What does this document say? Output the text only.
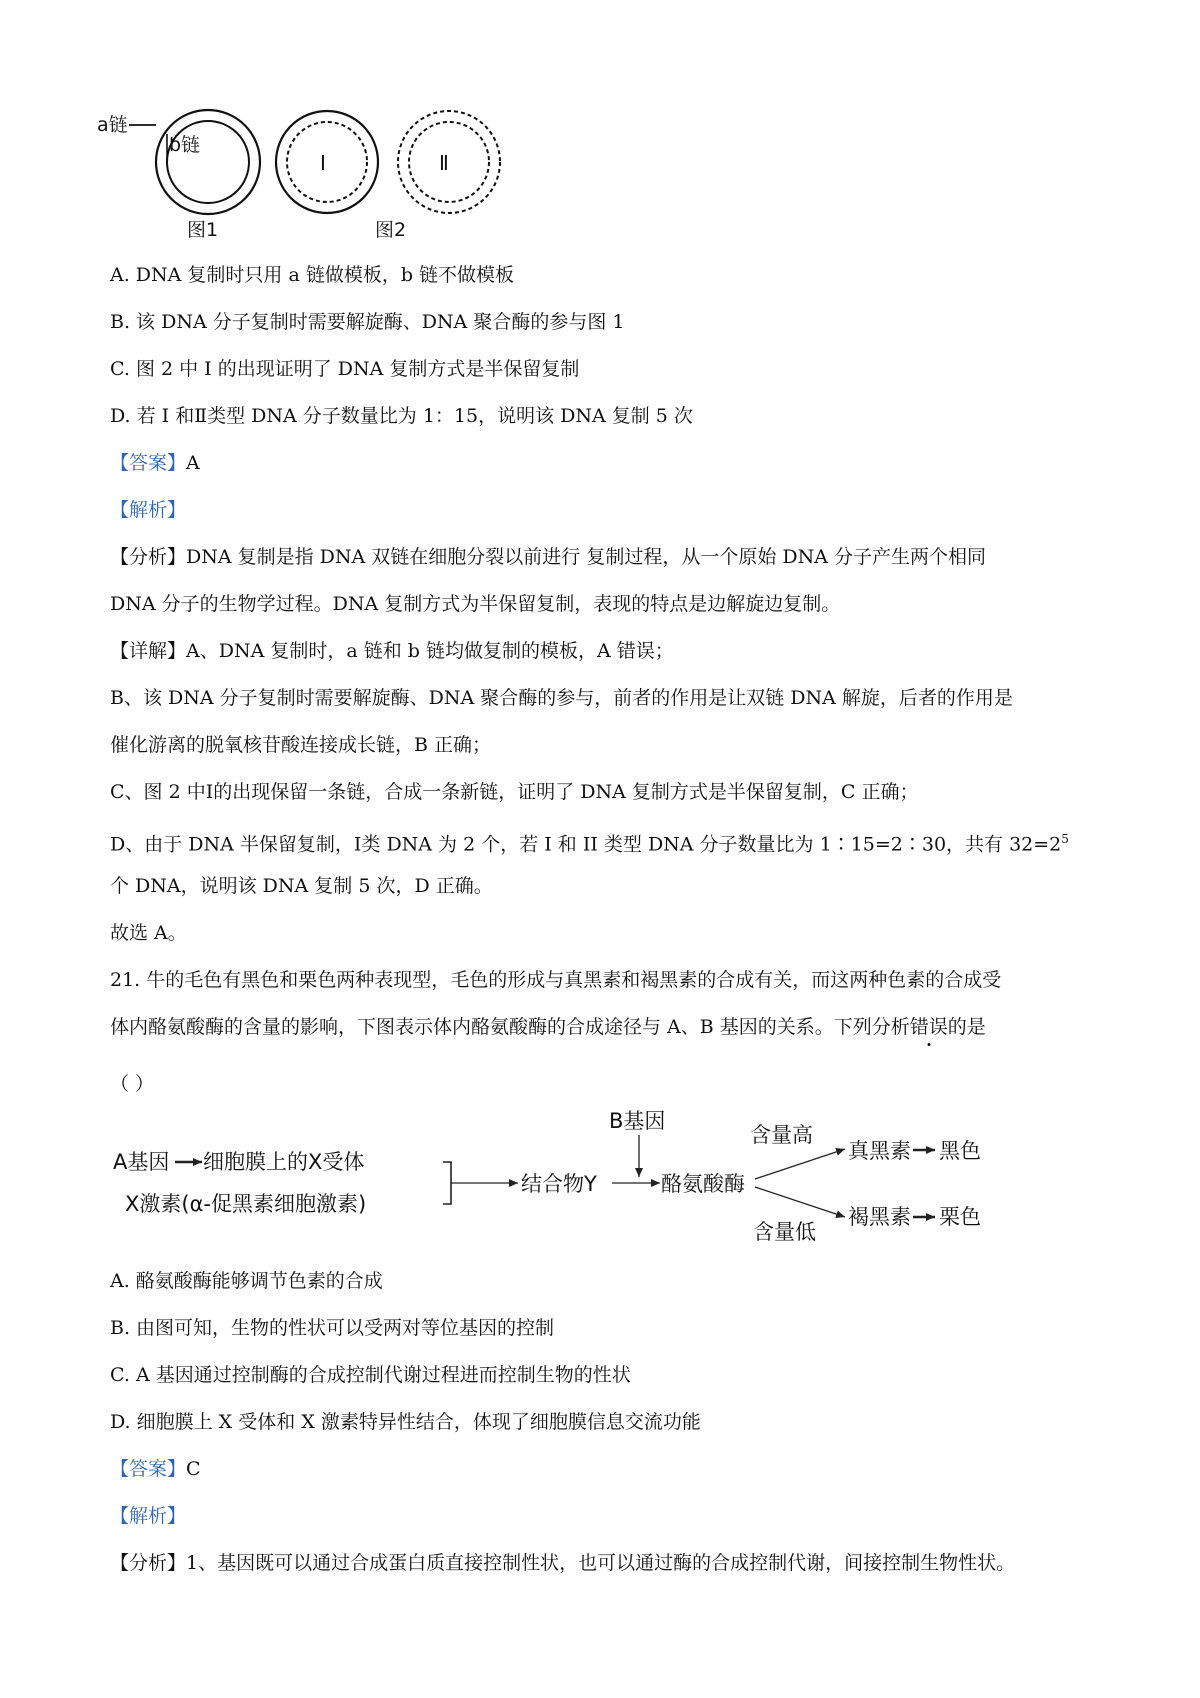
a链
b链
图1
Ⅰ	Ⅱ
图2
A. DNA 复制时只用 a 链做模板，b 链不做模板
B. 该 DNA 分子复制时需要解旋酶、DNA 聚合酶的参与图 1
C. 图 2 中 I 的出现证明了 DNA 复制方式是半保留复制
D. 若 I 和Ⅱ类型 DNA 分子数量比为 1：15，说明该 DNA 复制 5 次
【答案】A
【解析】
【分析】DNA 复制是指 DNA 双链在细胞分裂以前进行 复制过程，从一个原始 DNA 分子产生两个相同
DNA 分子的生物学过程。DNA 复制方式为半保留复制，表现的特点是边解旋边复制。
【详解】A、DNA 复制时，a 链和 b 链均做复制的模板，A 错误；
B、该 DNA 分子复制时需要解旋酶、DNA 聚合酶的参与，前者的作用是让双链 DNA 解旋，后者的作用是
催化游离的脱氧核苷酸连接成长链，B 正确；
C、图 2 中Ⅰ的出现保留一条链，合成一条新链，证明了 DNA 复制方式是半保留复制，C 正确；
D、由于 DNA 半保留复制，Ⅰ类 DNA 为 2 个，若 I 和 II 类型 DNA 分子数量比为 1∶15=2∶30，共有 $32=2^5$
个 DNA，说明该 DNA 复制 5 次，D 正确。
故选 A。
21. 牛的毛色有黑色和栗色两种表现型，毛色的形成与真黑素和褐黑素的合成有关，而这两种色素的合成受
体内酪氨酸酶的含量的影响，下图表示体内酪氨酸酶的合成途径与 A、B 基因的关系。下列分析错误的是
（ ）
A基因 细胞膜上的X受体
X激素(α-促黑素细胞激素)
结合物Y
B基因
酪氨酸酶
含量高
含量低
真黑素 黑色
褐黑素 栗色
A. 酪氨酸酶能够调节色素的合成
B. 由图可知，生物的性状可以受两对等位基因的控制
C. A 基因通过控制酶的合成控制代谢过程进而控制生物的性状
D. 细胞膜上 X 受体和 X 激素特异性结合，体现了细胞膜信息交流功能
【答案】C
【解析】
【分析】1、基因既可以通过合成蛋白质直接控制性状，也可以通过酶的合成控制代谢，间接控制生物性状。
